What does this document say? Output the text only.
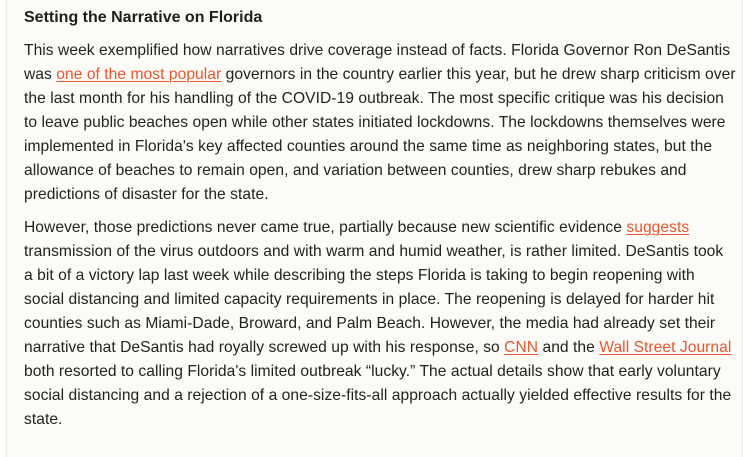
Setting the Narrative on Florida

This week exemplified how narratives drive coverage instead of facts. Florida Governor Ron DeSantis was one of the most popular governors in the country earlier this year, but he drew sharp criticism over the last month for his handling of the COVID-19 outbreak. The most specific critique was his decision to leave public beaches open while other states initiated lockdowns. The lockdowns themselves were implemented in Florida's key affected counties around the same time as neighboring states, but the allowance of beaches to remain open, and variation between counties, drew sharp rebukes and predictions of disaster for the state.

However, those predictions never came true, partially because new scientific evidence suggests transmission of the virus outdoors and with warm and humid weather, is rather limited. DeSantis took a bit of a victory lap last week while describing the steps Florida is taking to begin reopening with social distancing and limited capacity requirements in place. The reopening is delayed for harder hit counties such as Miami-Dade, Broward, and Palm Beach. However, the media had already set their narrative that DeSantis had royally screwed up with his response, so CNN and the Wall Street Journal both resorted to calling Florida's limited outbreak “lucky.” The actual details show that early voluntary social distancing and a rejection of a one-size-fits-all approach actually yielded effective results for the state.
